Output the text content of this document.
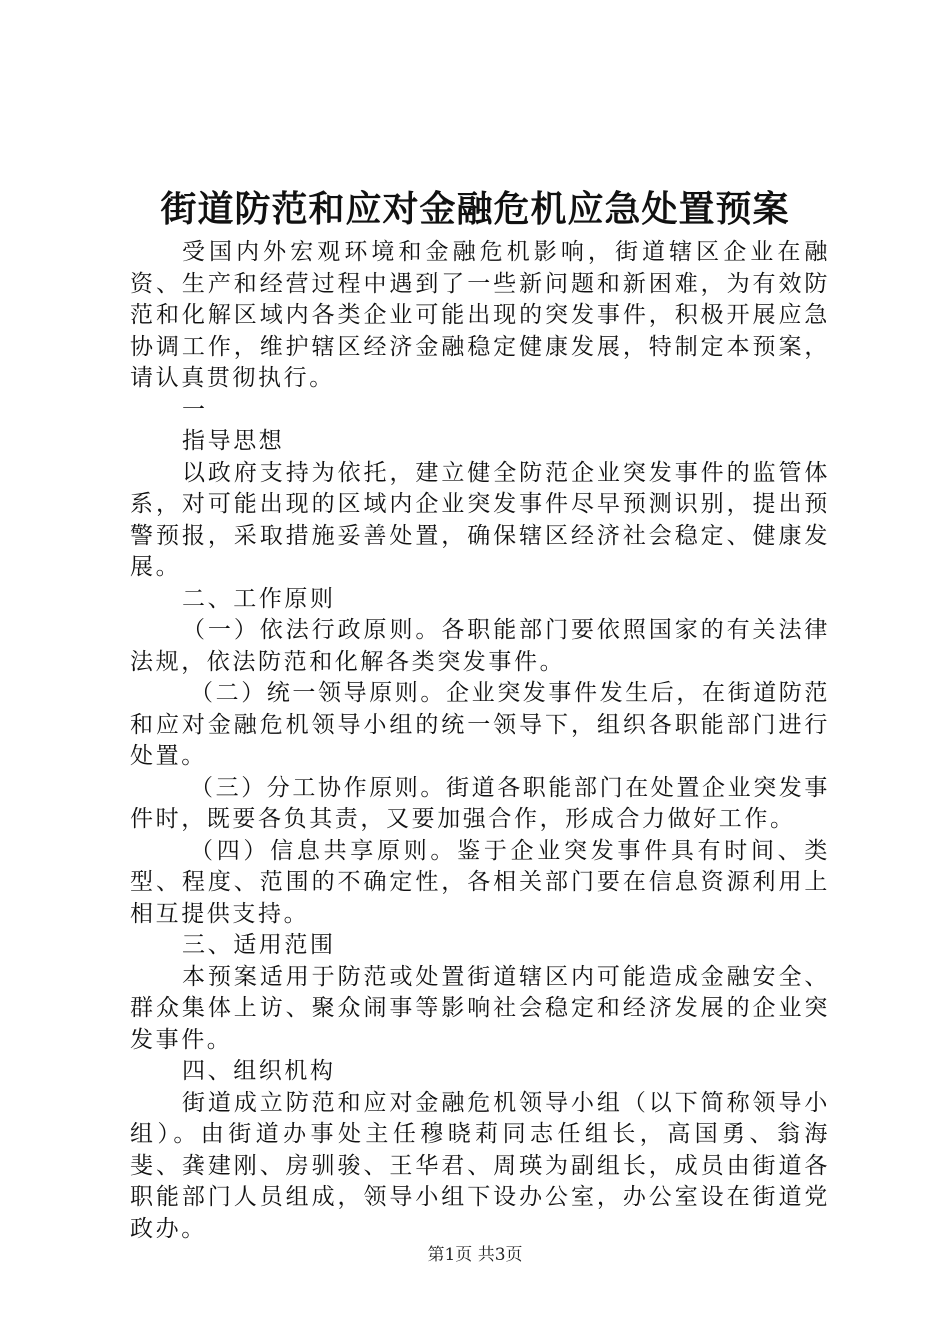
街道防范和应对金融危机应急处置预案

受国内外宏观环境和金融危机影响，街道辖区企业在融资、生产和经营过程中遇到了一些新问题和新困难，为有效防范和化解区域内各类企业可能出现的突发事件，积极开展应急协调工作，维护辖区经济金融稳定健康发展，特制定本预案，请认真贯彻执行。

一

指导思想

以政府支持为依托，建立健全防范企业突发事件的监管体系，对可能出现的区域内企业突发事件尽早预测识别，提出预警预报，采取措施妥善处置，确保辖区经济社会稳定、健康发展。

二、工作原则

（一）依法行政原则。各职能部门要依照国家的有关法律法规，依法防范和化解各类突发事件。

（二）统一领导原则。企业突发事件发生后，在街道防范和应对金融危机领导小组的统一领导下，组织各职能部门进行处置。

（三）分工协作原则。街道各职能部门在处置企业突发事件时，既要各负其责，又要加强合作，形成合力做好工作。

（四）信息共享原则。鉴于企业突发事件具有时间、类型、程度、范围的不确定性，各相关部门要在信息资源利用上相互提供支持。

三、适用范围

本预案适用于防范或处置街道辖区内可能造成金融安全、群众集体上访、聚众闹事等影响社会稳定和经济发展的企业突发事件。

四、组织机构

街道成立防范和应对金融危机领导小组（以下简称领导小组）。由街道办事处主任穆晓莉同志任组长，高国勇、翁海斐、龚建刚、房驯骏、王华君、周瑛为副组长，成员由街道各职能部门人员组成，领导小组下设办公室，办公室设在街道党政办。

第1页 共3页
